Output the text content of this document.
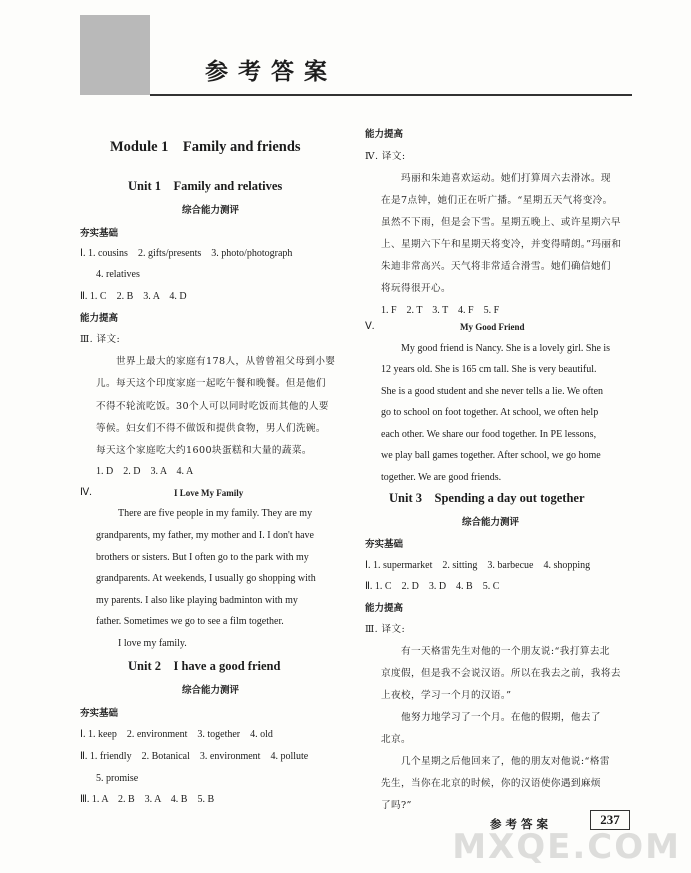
参考答案
Module 1　Family and friends
Unit 1　Family and relatives
综合能力测评
夯实基础
Ⅰ. 1. cousins　2. gifts/presents　3. photo/photograph
4. relatives
Ⅱ. 1. C　2. B　3. A　4. D
能力提高
Ⅲ. 译文:
世界上最大的家庭有178人，从曾曾祖父母到小婴
儿。每天这个印度家庭一起吃午餐和晚餐。但是他们
不得不轮流吃饭。30个人可以同时吃饭而其他的人要
等候。妇女们不得不做饭和提供食物，男人们洗碗。
每天这个家庭吃大约1600块蛋糕和大量的蔬菜。
1. D　2. D　3. A　4. A
Ⅳ.	I Love My Family
There are five people in my family. They are my
grandparents, my father, my mother and I. I don't have
brothers or sisters. But I often go to the park with my
grandparents. At weekends, I usually go shopping with
my parents. I also like playing badminton with my
father. Sometimes we go to see a film together.
I love my family.
Unit 2　I have a good friend
综合能力测评
夯实基础
Ⅰ. 1. keep　2. environment　3. together　4. old
Ⅱ. 1. friendly　2. Botanical　3. environment　4. pollute
5. promise
Ⅲ. 1. A　2. B　3. A　4. B　5. B
能力提高
Ⅳ. 译文:
玛丽和朱迪喜欢运动。她们打算周六去滑冰。现
在是7点钟，她们正在听广播。“星期五天气将变冷。
虽然不下雨，但是会下雪。星期五晚上、或许星期六早
上、星期六下午和星期天将变冷，并变得晴朗。”玛丽和
朱迪非常高兴。天气将非常适合滑雪。她们确信她们
将玩得很开心。
1. F　2. T　3. T　4. F　5. F
Ⅴ.	My Good Friend
My good friend is Nancy. She is a lovely girl. She is
12 years old. She is 165 cm tall. She is very beautiful.
She is a good student and she never tells a lie. We often
go to school on foot together. At school, we often help
each other. We share our food together. In PE lessons,
we play ball games together. After school, we go home
together. We are good friends.
Unit 3　Spending a day out together
综合能力测评
夯实基础
Ⅰ. 1. supermarket　2. sitting　3. barbecue　4. shopping
Ⅱ. 1. C　2. D　3. D　4. B　5. C
能力提高
Ⅲ. 译文:
有一天格雷先生对他的一个朋友说:“我打算去北
京度假，但是我不会说汉语。所以在我去之前，我将去
上夜校，学习一个月的汉语。”
他努力地学习了一个月。在他的假期，他去了
北京。
几个星期之后他回来了，他的朋友对他说:“格雷
先生，当你在北京的时候，你的汉语使你遇到麻烦
了吗?”
参考答案	237
MXQE.COM
